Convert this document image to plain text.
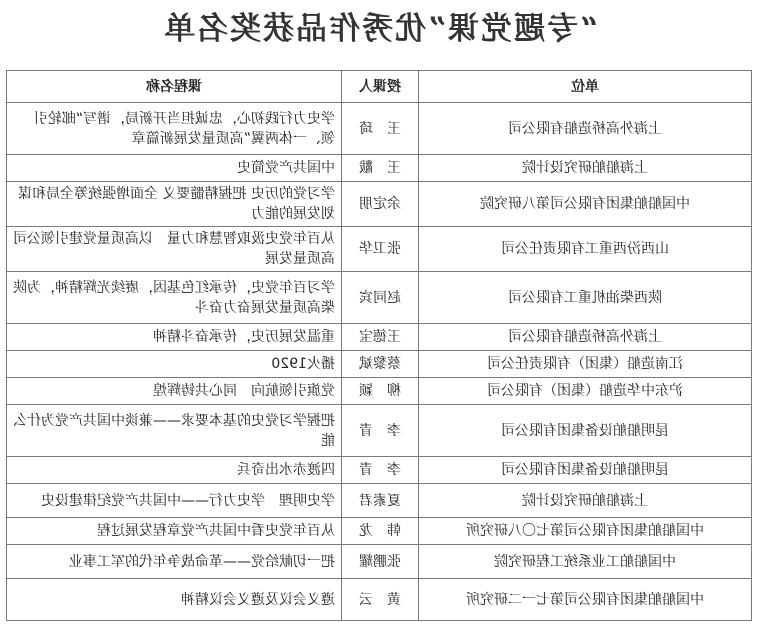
“专题党课”优秀作品获奖名单
单位	授课人	课程名称
上海外高桥造船有限公司	王　琦	学史力行践初心，忠诚担当开新局，谱写“邮轮引领、一体两翼”高质量发展新篇章
上海船舶研究设计院	王　黻	中国共产党简史
中国船舶集团有限公司第八研究院	余定朋	学习党的历史 把握精髓要义 全面增强统筹全局和谋划发展的能力
山西汾西重工有限责任公司	张卫华	从百年党史汲取智慧和力量　以高质量党建引领公司高质量发展
陕西柴油机重工有限公司	赵同宾	学习百年党史，传承红色基因，赓续光辉精神，为陕柴高质量发展奋力奋斗
上海外高桥造船有限公司	王德宝	重温发展历史，传承奋斗精神
江南造船（集团）有限责任公司	蔡黎斌	播火1920
沪东中华造船（集团）有限公司	柳　颖	党旗引领航向　同心共铸辉煌
昆明船舶设备集团有限公司	李　青	把握学习党史的基本要求——兼谈中国共产党为什么能
昆明船舶设备集团有限公司	李　青	四渡赤水出奇兵
上海船舶研究设计院	夏素君	学史明理　学史力行——中国共产党纪律建设史
中国船舶集团有限公司第七〇八研究所	韩　龙	从百年党史看中国共产党章程发展过程
中国船舶工业系统工程研究院	张鹏耀	把一切献给党——革命战争年代的军工事业
中国船舶集团有限公司第七一二研究所	黄　云	遵义会议及遵义会议精神
